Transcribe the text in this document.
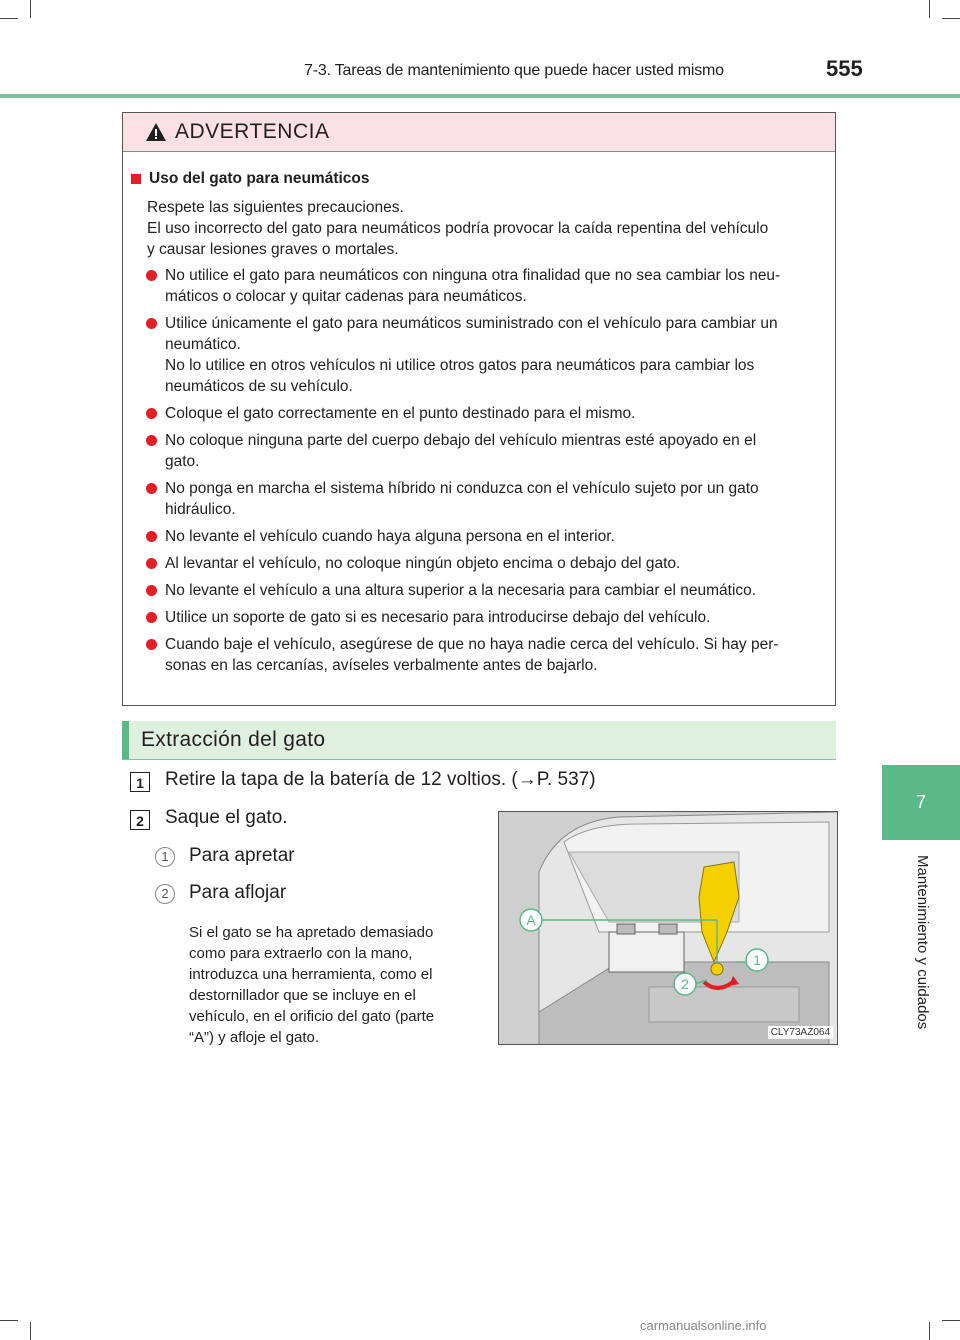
7-3. Tareas de mantenimiento que puede hacer usted mismo	555
7
Mantenimiento y cuidados
ADVERTENCIA
Uso del gato para neumáticos
Respete las siguientes precauciones.
El uso incorrecto del gato para neumáticos podría provocar la caída repentina del vehículo
y causar lesiones graves o mortales.
No utilice el gato para neumáticos con ninguna otra finalidad que no sea cambiar los neu-
máticos o colocar y quitar cadenas para neumáticos.
Utilice únicamente el gato para neumáticos suministrado con el vehículo para cambiar un
neumático.
No lo utilice en otros vehículos ni utilice otros gatos para neumáticos para cambiar los
neumáticos de su vehículo.
Coloque el gato correctamente en el punto destinado para el mismo.
No coloque ninguna parte del cuerpo debajo del vehículo mientras esté apoyado en el
gato.
No ponga en marcha el sistema híbrido ni conduzca con el vehículo sujeto por un gato
hidráulico.
No levante el vehículo cuando haya alguna persona en el interior.
Al levantar el vehículo, no coloque ningún objeto encima o debajo del gato.
No levante el vehículo a una altura superior a la necesaria para cambiar el neumático.
Utilice un soporte de gato si es necesario para introducirse debajo del vehículo.
Cuando baje el vehículo, asegúrese de que no haya nadie cerca del vehículo. Si hay per-
sonas en las cercanías, avíseles verbalmente antes de bajarlo.
Extracción del gato
1	Retire la tapa de la batería de 12 voltios. (→P. 537)
2	Saque el gato.
1	Para apretar
2	Para aflojar
Si el gato se ha apretado demasiado
como para extraerlo con la mano,
introduzca una herramienta, como el
destornillador que se incluye en el
vehículo, en el orificio del gato (parte
“A”) y afloje el gato.
A
1
2
CLY73AZ064
carmanualsonline.info
